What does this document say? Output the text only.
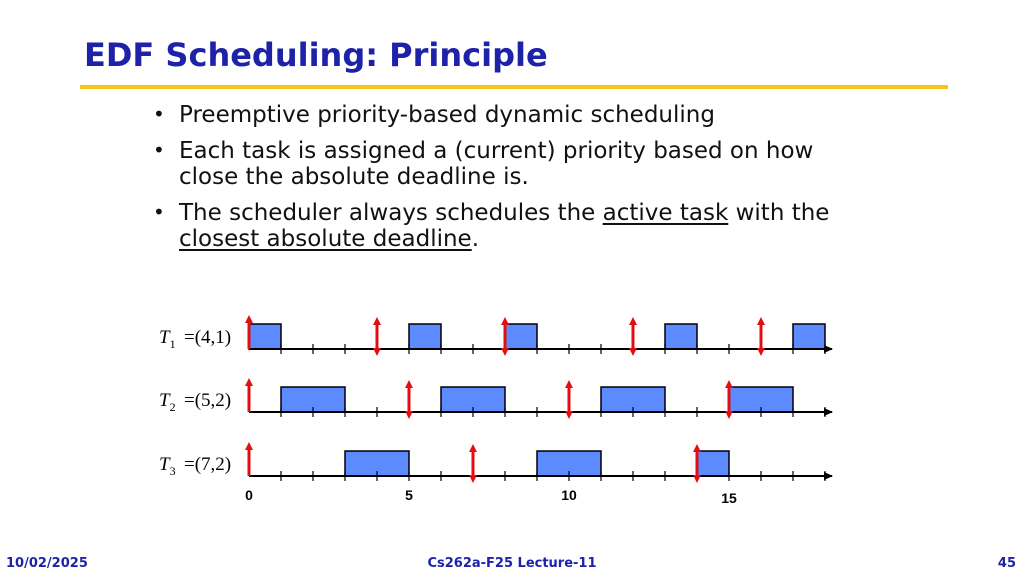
EDF Scheduling: Principle
• Preemptive priority-based dynamic scheduling
• Each task is assigned a (current) priority based on how close the absolute deadline is.
• The scheduler always schedules the active task with the closest absolute deadline.
$T_1 =(4,1)$
$T_2 =(5,2)$
$T_3 =(7,2)$
0	5	10	15
10/02/2025	Cs262a-F25 Lecture-11	45
